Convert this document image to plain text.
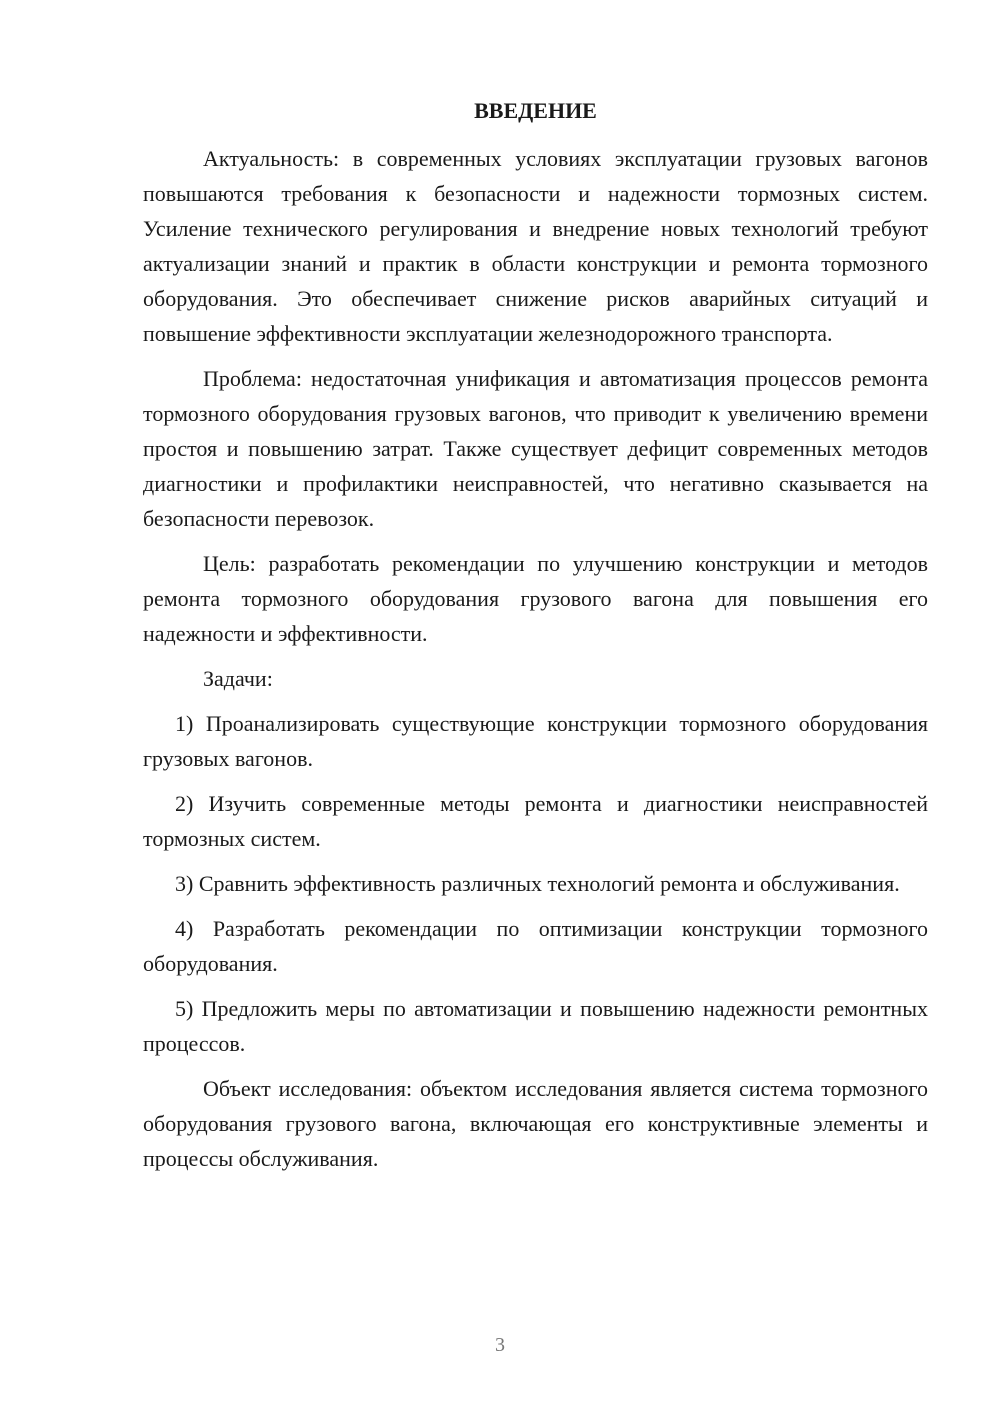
ВВЕДЕНИЕ

Актуальность: в современных условиях эксплуатации грузовых вагонов повышаются требования к безопасности и надежности тормозных систем. Усиление технического регулирования и внедрение новых технологий требуют актуализации знаний и практик в области конструкции и ремонта тормозного оборудования. Это обеспечивает снижение рисков аварийных ситуаций и повышение эффективности эксплуатации железнодорожного транспорта.

Проблема: недостаточная унификация и автоматизация процессов ремонта тормозного оборудования грузовых вагонов, что приводит к увеличению времени простоя и повышению затрат. Также существует дефицит современных методов диагностики и профилактики неисправностей, что негативно сказывается на безопасности перевозок.

Цель: разработать рекомендации по улучшению конструкции и методов ремонта тормозного оборудования грузового вагона для повышения его надежности и эффективности.

Задачи:

1) Проанализировать существующие конструкции тормозного оборудования грузовых вагонов.

2) Изучить современные методы ремонта и диагностики неисправностей тормозных систем.

3) Сравнить эффективность различных технологий ремонта и обслуживания.

4) Разработать рекомендации по оптимизации конструкции тормозного оборудования.

5) Предложить меры по автоматизации и повышению надежности ремонтных процессов.

Объект исследования: объектом исследования является система тормозного оборудования грузового вагона, включающая его конструктивные элементы и процессы обслуживания.

3
